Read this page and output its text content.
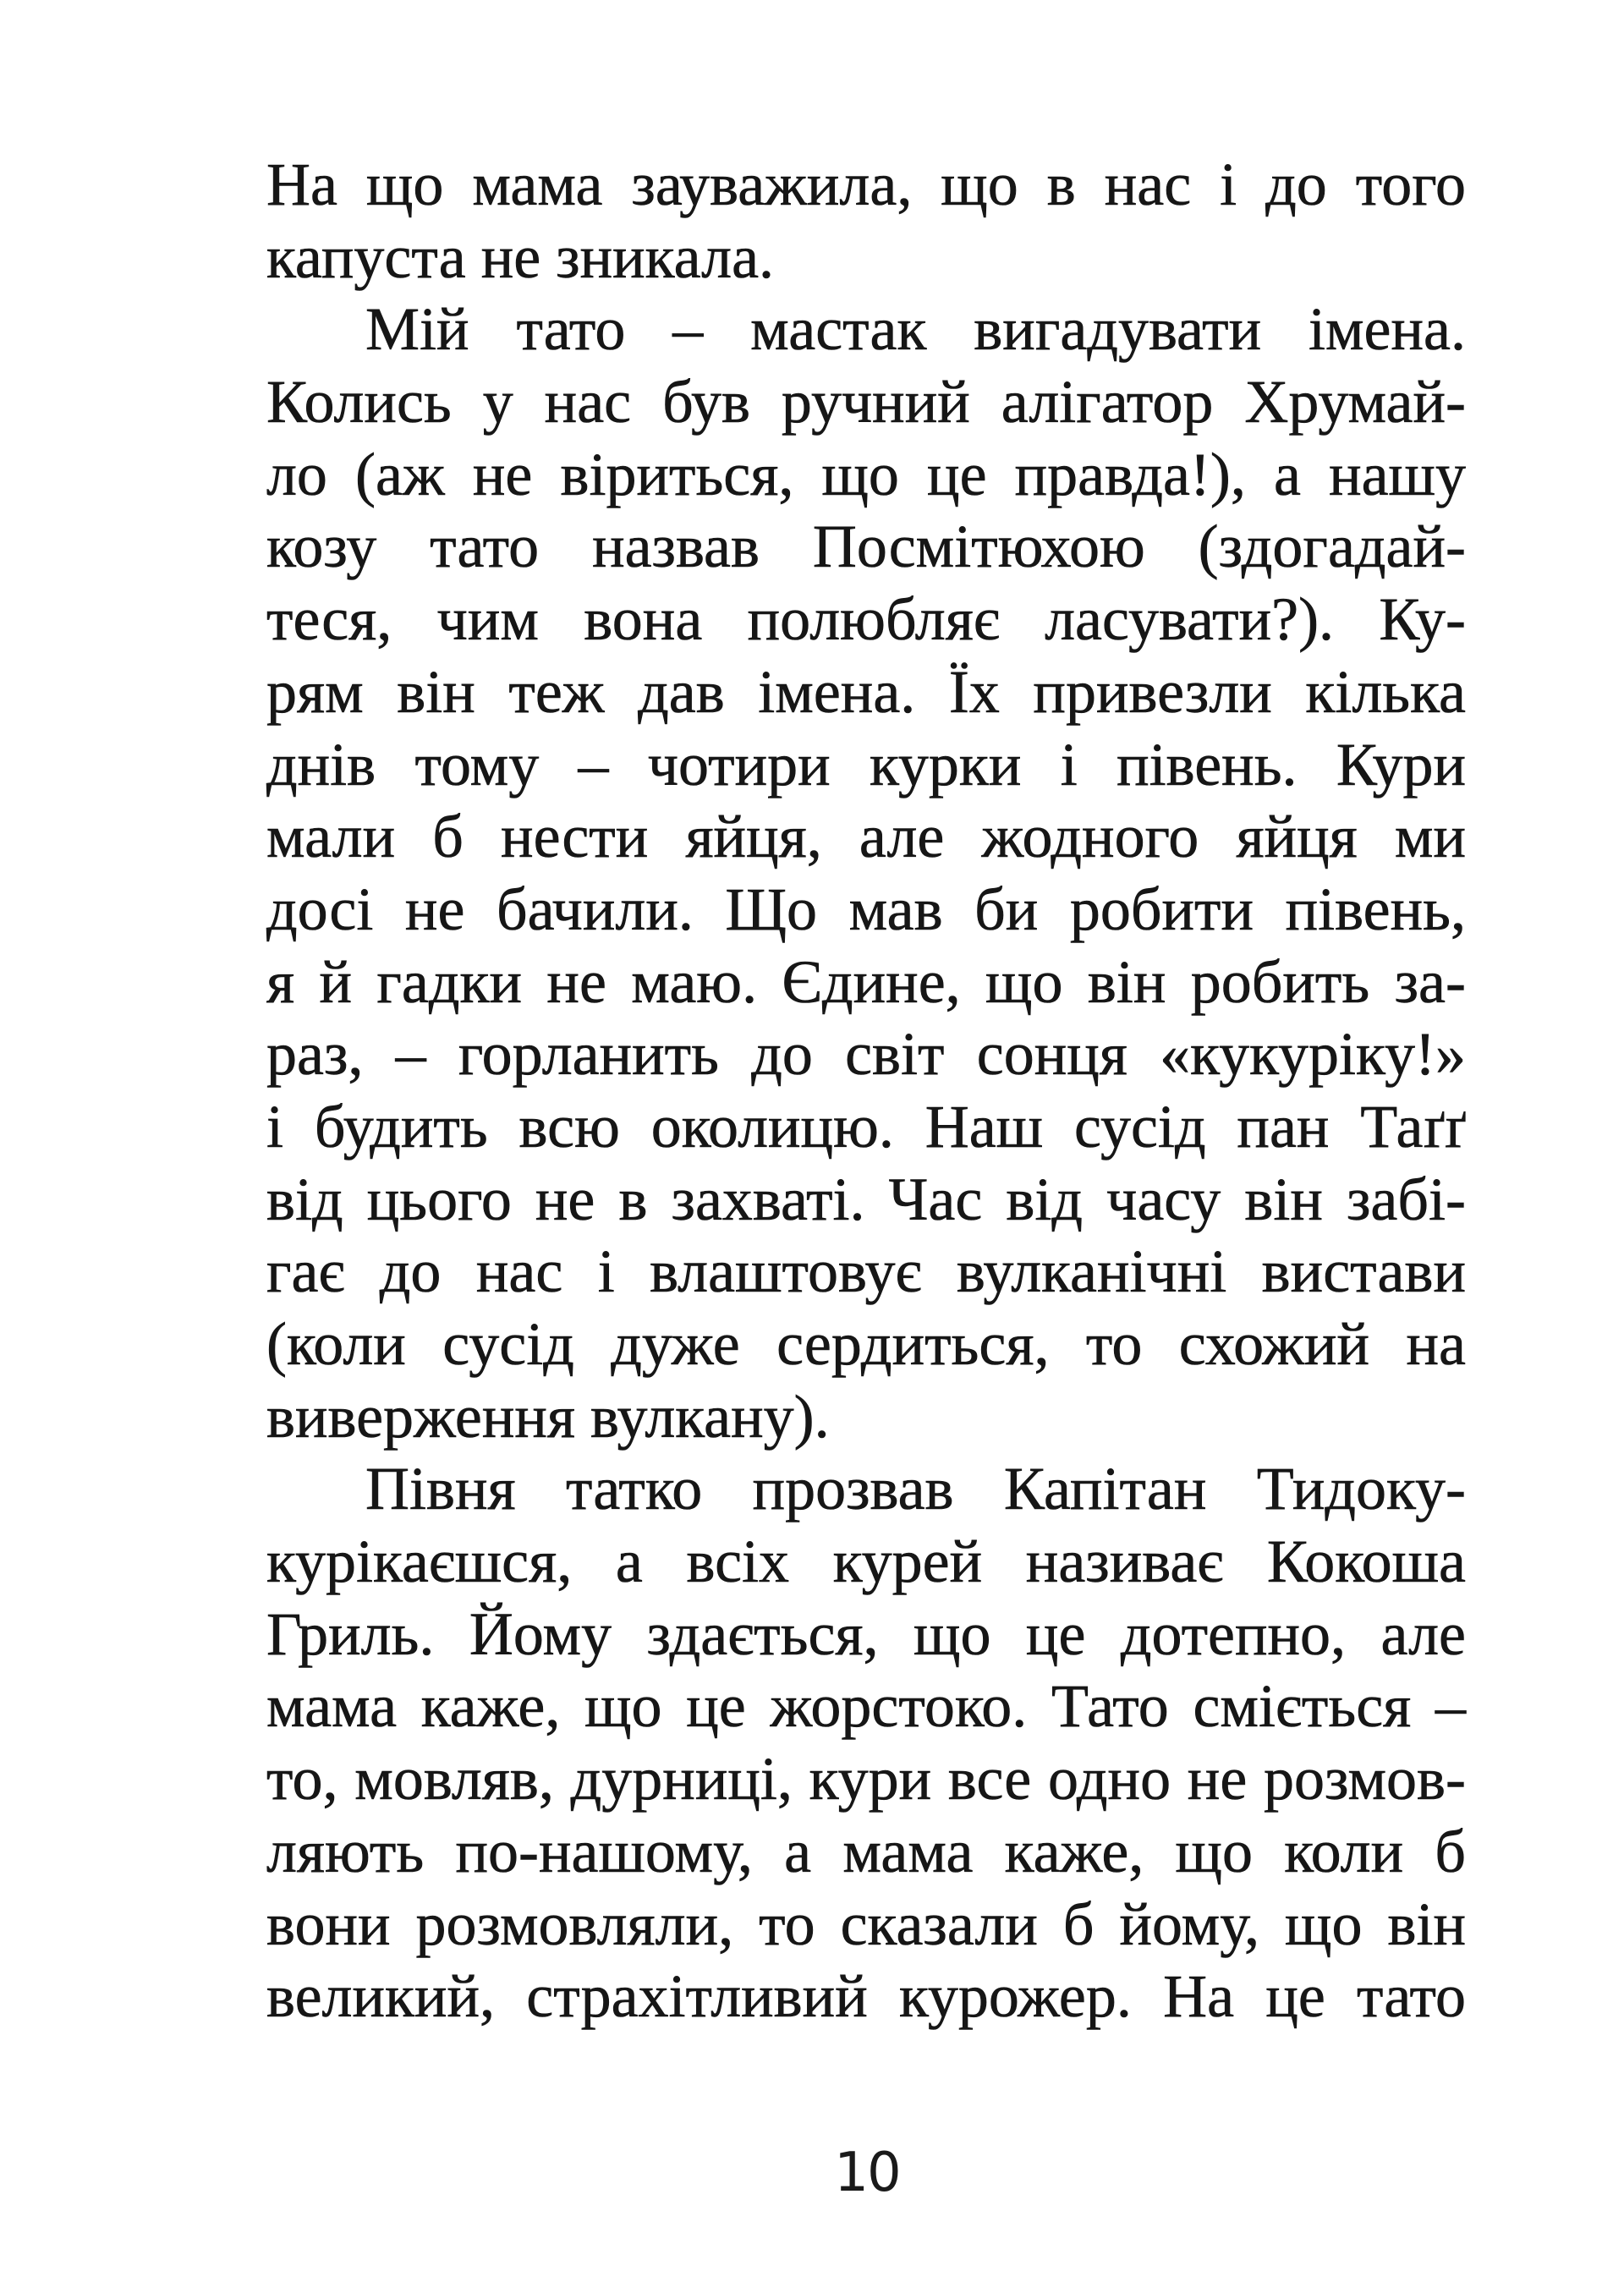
На що мама зауважила, що в нас і до того
капуста не зникала.
Мій тато – мастак вигадувати імена.
Колись у нас був ручний алігатор Хрумай-
ло (аж не віриться, що це правда!), а нашу
козу тато назвав Посмітюхою (здогадай-
теся, чим вона полюбляє ласувати?). Ку-
рям він теж дав імена. Їх привезли кілька
днів тому – чотири курки і півень. Кури
мали б нести яйця, але жодного яйця ми
досі не бачили. Що мав би робити півень,
я й гадки не маю. Єдине, що він робить за-
раз, – горланить до світ сонця «кукуріку!»
і будить всю околицю. Наш сусід пан Таґґ
від цього не в захваті. Час від часу він забі-
гає до нас і влаштовує вулканічні вистави
(коли сусід дуже сердиться, то схожий на
виверження вулкану).
Півня татко прозвав Капітан Тидоку-
курікаєшся, а всіх курей називає Кокоша
Гриль. Йому здається, що це дотепно, але
мама каже, що це жорстоко. Тато сміється –
то, мовляв, дурниці, кури все одно не розмов-
ляють по-нашому, а мама каже, що коли б
вони розмовляли, то сказали б йому, що він
великий, страхітливий курожер. На це тато
10
